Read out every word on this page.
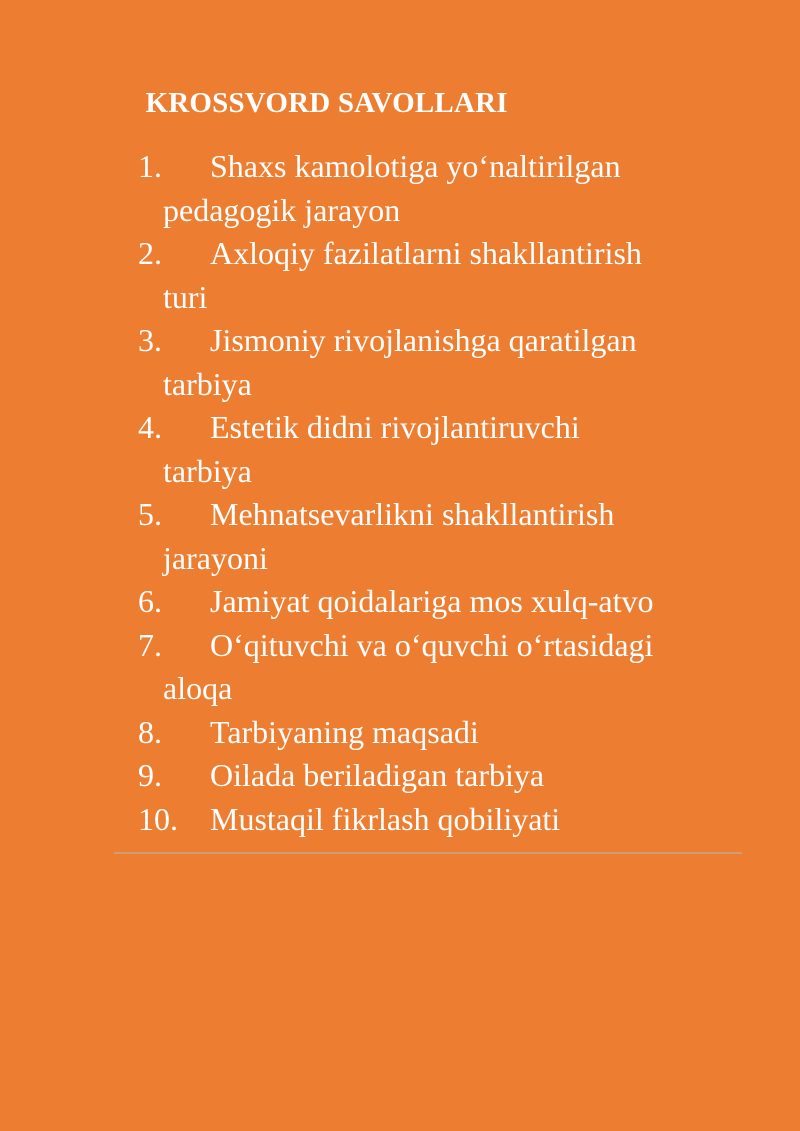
KROSSVORD SAVOLLARI
1.	Shaxs kamolotiga yo‘naltirilgan
pedagogik jarayon
2.	Axloqiy fazilatlarni shakllantirish
turi
3.	Jismoniy rivojlanishga qaratilgan
tarbiya
4.	Estetik didni rivojlantiruvchi
tarbiya
5.	Mehnatsevarlikni shakllantirish
jarayoni
6.	Jamiyat qoidalariga mos xulq-atvo
7.	O‘qituvchi va o‘quvchi o‘rtasidagi
aloqa
8.	Tarbiyaning maqsadi
9.	Oilada beriladigan tarbiya
10.	Mustaqil fikrlash qobiliyati
